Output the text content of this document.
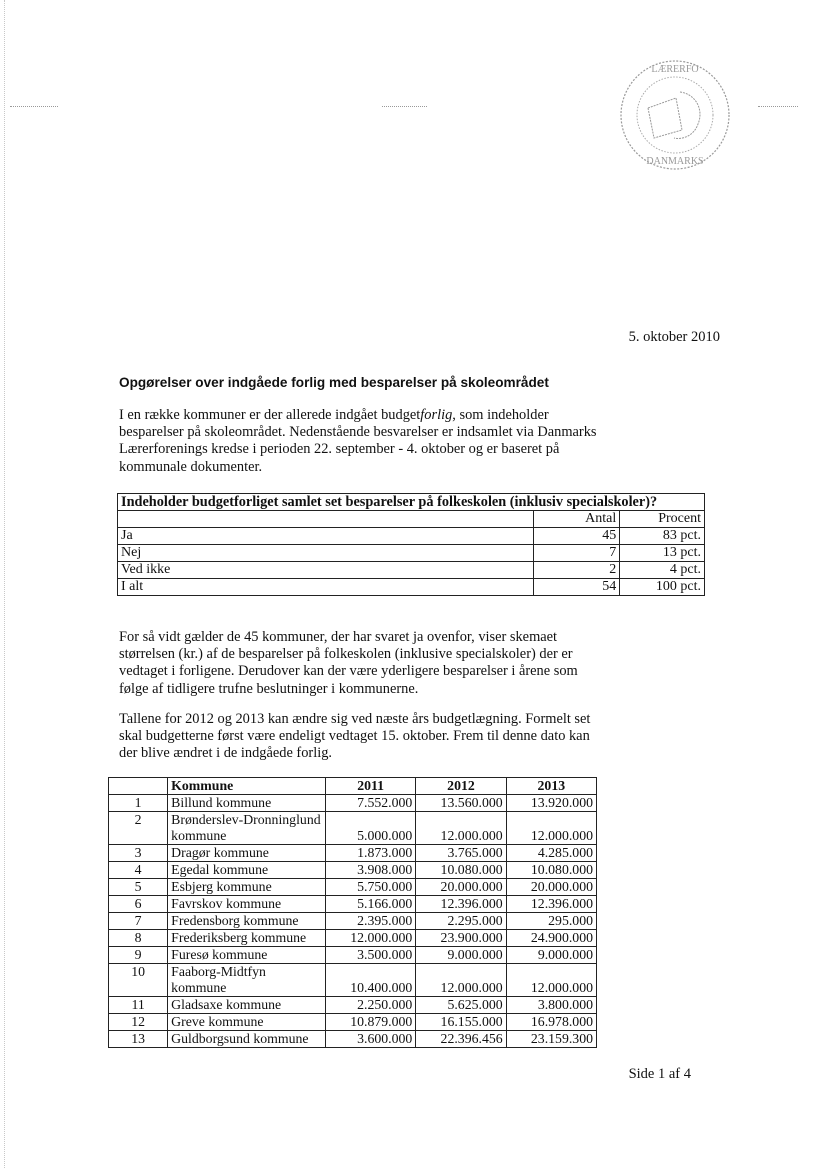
LÆRERFO
DANMARKS
5. oktober 2010
Opgørelser over indgåede forlig med besparelser på skoleområdet
I en række kommuner er der allerede indgået budgetforlig, som indeholder besparelser på skoleområdet. Nedenstående besvarelser er indsamlet via Danmarks Lærerforenings kredse i perioden 22. september - 4. oktober og er baseret på kommunale dokumenter.
Indeholder budgetforliget samlet set besparelser på folkeskolen (inklusiv specialskoler)?		
	Antal	Procent
Ja	45	83 pct.
Nej	7	13 pct.
Ved ikke	2	4 pct.
I alt	54	100 pct.
For så vidt gælder de 45 kommuner, der har svaret ja ovenfor, viser skemaet størrelsen (kr.) af de besparelser på folkeskolen (inklusive specialskoler) der er vedtaget i forligene. Derudover kan der være yderligere besparelser i årene som følge af tidligere trufne beslutninger i kommunerne.
Tallene for 2012 og 2013 kan ændre sig ved næste års budgetlægning. Formelt set skal budgetterne først være endeligt vedtaget 15. oktober. Frem til denne dato kan der blive ændret i de indgåede forlig.
	Kommune	2011	2012	2013
1	Billund kommune	7.552.000	13.560.000	13.920.000
2	Brønderslev-Dronninglund kommune	5.000.000	12.000.000	12.000.000
3	Dragør kommune	1.873.000	3.765.000	4.285.000
4	Egedal kommune	3.908.000	10.080.000	10.080.000
5	Esbjerg kommune	5.750.000	20.000.000	20.000.000
6	Favrskov kommune	5.166.000	12.396.000	12.396.000
7	Fredensborg kommune	2.395.000	2.295.000	295.000
8	Frederiksberg kommune	12.000.000	23.900.000	24.900.000
9	Furesø kommune	3.500.000	9.000.000	9.000.000
10	Faaborg-Midtfyn kommune	10.400.000	12.000.000	12.000.000
11	Gladsaxe kommune	2.250.000	5.625.000	3.800.000
12	Greve kommune	10.879.000	16.155.000	16.978.000
13	Guldborgsund kommune	3.600.000	22.396.456	23.159.300
Side 1 af 4
